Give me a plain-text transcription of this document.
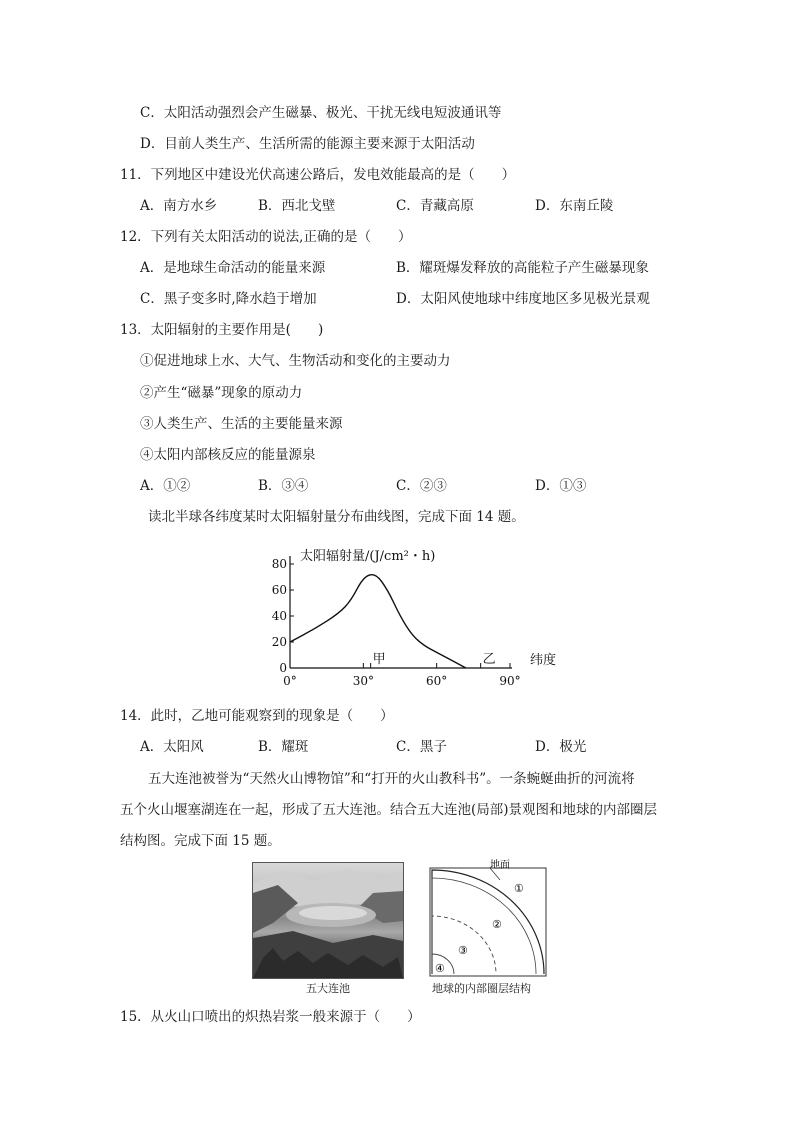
C．太阳活动强烈会产生磁暴、极光、干扰无线电短波通讯等
D．目前人类生产、生活所需的能源主要来源于太阳活动
11．下列地区中建设光伏高速公路后，发电效能最高的是（　　）
A．南方水乡	B．西北戈壁	C．青藏高原	D．东南丘陵
12．下列有关太阳活动的说法,正确的是（　　）
A．是地球生命活动的能量来源	B．耀斑爆发释放的高能粒子产生磁暴现象
C．黑子变多时,降水趋于增加	D．太阳风使地球中纬度地区多见极光景观
13．太阳辐射的主要作用是(　　)
①促进地球上水、大气、生物活动和变化的主要动力
②产生“磁暴”现象的原动力
③人类生产、生活的主要能量来源
④太阳内部核反应的能量源泉
A．①②	B．③④	C．②③	D．①③
读北半球各纬度某时太阳辐射量分布曲线图，完成下面 14 题。
0
20
40
60
80
0°	30°	60°	90°
太阳辐射量/(J/cm²・h)
纬度
甲	乙
14．此时，乙地可能观察到的现象是（　　）
A．太阳风	B．耀斑	C．黑子	D．极光
五大连池被誉为“天然火山博物馆”和“打开的火山教科书”。一条蜿蜒曲折的河流将
五个火山堰塞湖连在一起，形成了五大连池。结合五大连池(局部)景观图和地球的内部圈层
结构图。完成下面 15 题。
五大连池
地面
①
②
③
④
地球的内部圈层结构
15．从火山口喷出的炽热岩浆一般来源于（　　）
